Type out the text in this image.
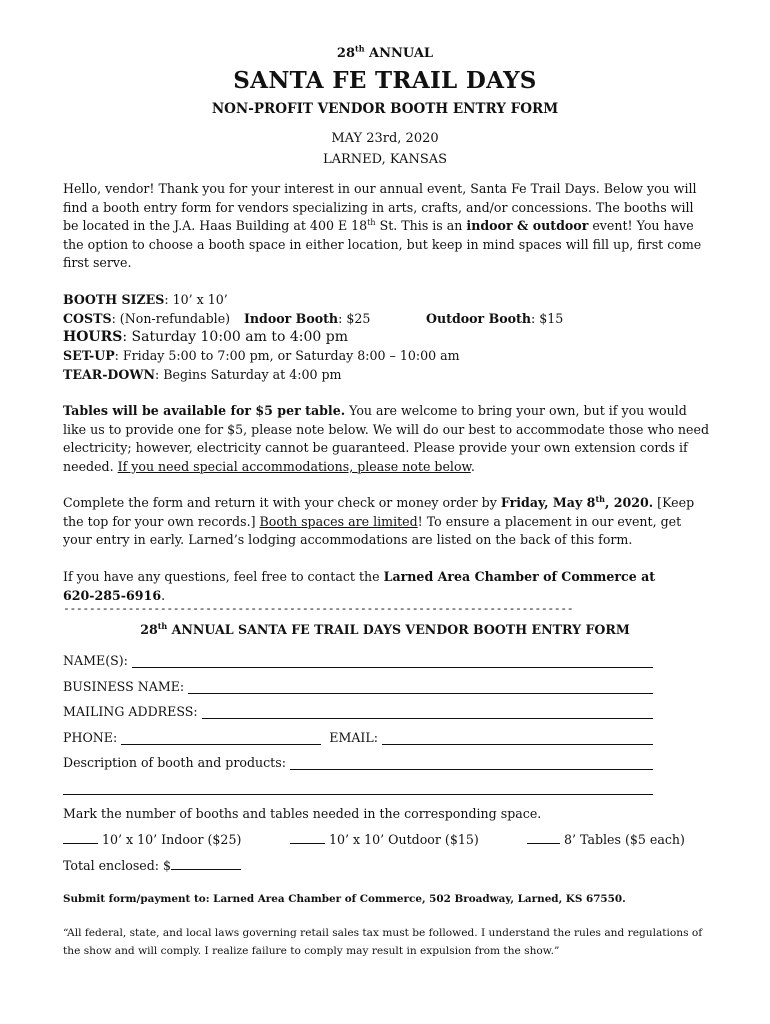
28th ANNUAL
SANTA FE TRAIL DAYS
NON-PROFIT VENDOR BOOTH ENTRY FORM
MAY 23rd, 2020
LARNED, KANSAS
Hello, vendor! Thank you for your interest in our annual event, Santa Fe Trail Days. Below you will find a booth entry form for vendors specializing in arts, crafts, and/or concessions. The booths will be located in the J.A. Haas Building at 400 E 18th St. This is an indoor & outdoor event! You have the option to choose a booth space in either location, but keep in mind spaces will fill up, first come first serve.
BOOTH SIZES: 10’ x 10’
COSTS: (Non-refundable)	Indoor Booth: $25	Outdoor Booth: $15
HOURS: Saturday 10:00 am to 4:00 pm
SET-UP: Friday 5:00 to 7:00 pm, or Saturday 8:00 – 10:00 am
TEAR-DOWN: Begins Saturday at 4:00 pm
Tables will be available for $5 per table. You are welcome to bring your own, but if you would like us to provide one for $5, please note below. We will do our best to accommodate those who need electricity; however, electricity cannot be guaranteed. Please provide your own extension cords if needed. If you need special accommodations, please note below.
Complete the form and return it with your check or money order by Friday, May 8th, 2020. [Keep the top for your own records.] Booth spaces are limited! To ensure a placement in our event, get your entry in early. Larned’s lodging accommodations are listed on the back of this form.
If you have any questions, feel free to contact the Larned Area Chamber of Commerce at 620-285-6916.
-------------------------------------------------------------------------------
28th ANNUAL SANTA FE TRAIL DAYS VENDOR BOOTH ENTRY FORM
NAME(S):
BUSINESS NAME:
MAILING ADDRESS:
PHONE:	EMAIL:
Description of booth and products:
Mark the number of booths and tables needed in the corresponding space.
10’ x 10’ Indoor ($25)	10’ x 10’ Outdoor ($15)	8’ Tables ($5 each)
Total enclosed: $
Submit form/payment to: Larned Area Chamber of Commerce, 502 Broadway, Larned, KS 67550.
“All federal, state, and local laws governing retail sales tax must be followed. I understand the rules and regulations of the show and will comply. I realize failure to comply may result in expulsion from the show.”
